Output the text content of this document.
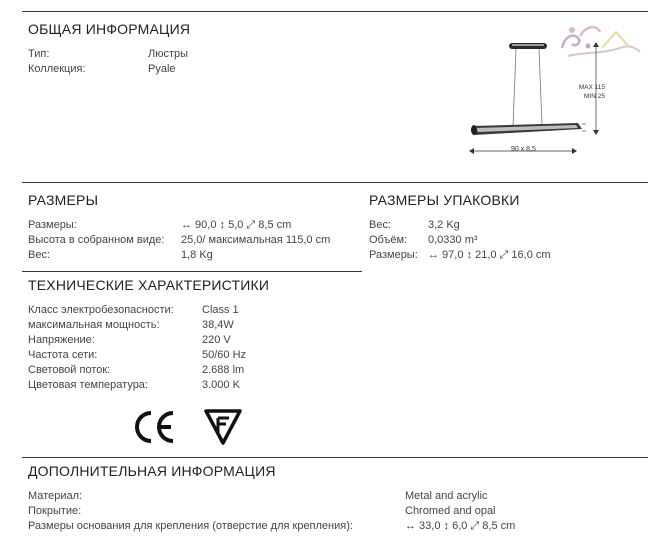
ОБЩАЯ ИНФОРМАЦИЯ
Тип:	Люстры
Коллекция:	Pyale
90 x 8,5
MAX 115
MIN 25
РАЗМЕРЫ
Размеры:	↔ 90,0 ↕ 5,0 ⤢ 8,5 cm
Высота в собранном виде: 25,0/ максимальная 115,0 cm
Вес:	1,8 Kg
РАЗМЕРЫ УПАКОВКИ
Вес:	3,2 Kg
Объём: 0,0330 m³
Размеры: ↔ 97,0 ↕ 21,0 ⤢ 16,0 cm
ТЕХНИЧЕСКИЕ ХАРАКТЕРИСТИКИ
Класс электробезопасности:	Class 1
максимальная мощность:	38,4W
Напряжение:	220 V
Частота сети:	50/60 Hz
Световой поток:	2.688 lm
Цветовая температура:	3.000 K
ДОПОЛНИТЕЛЬНАЯ ИНФОРМАЦИЯ
Материал:	Metal and acrylic
Покрытие:	Chromed and opal
Размеры основания для крепления (отверстие для крепления):	↔ 33,0 ↕ 6,0 ⤢ 8,5 cm
